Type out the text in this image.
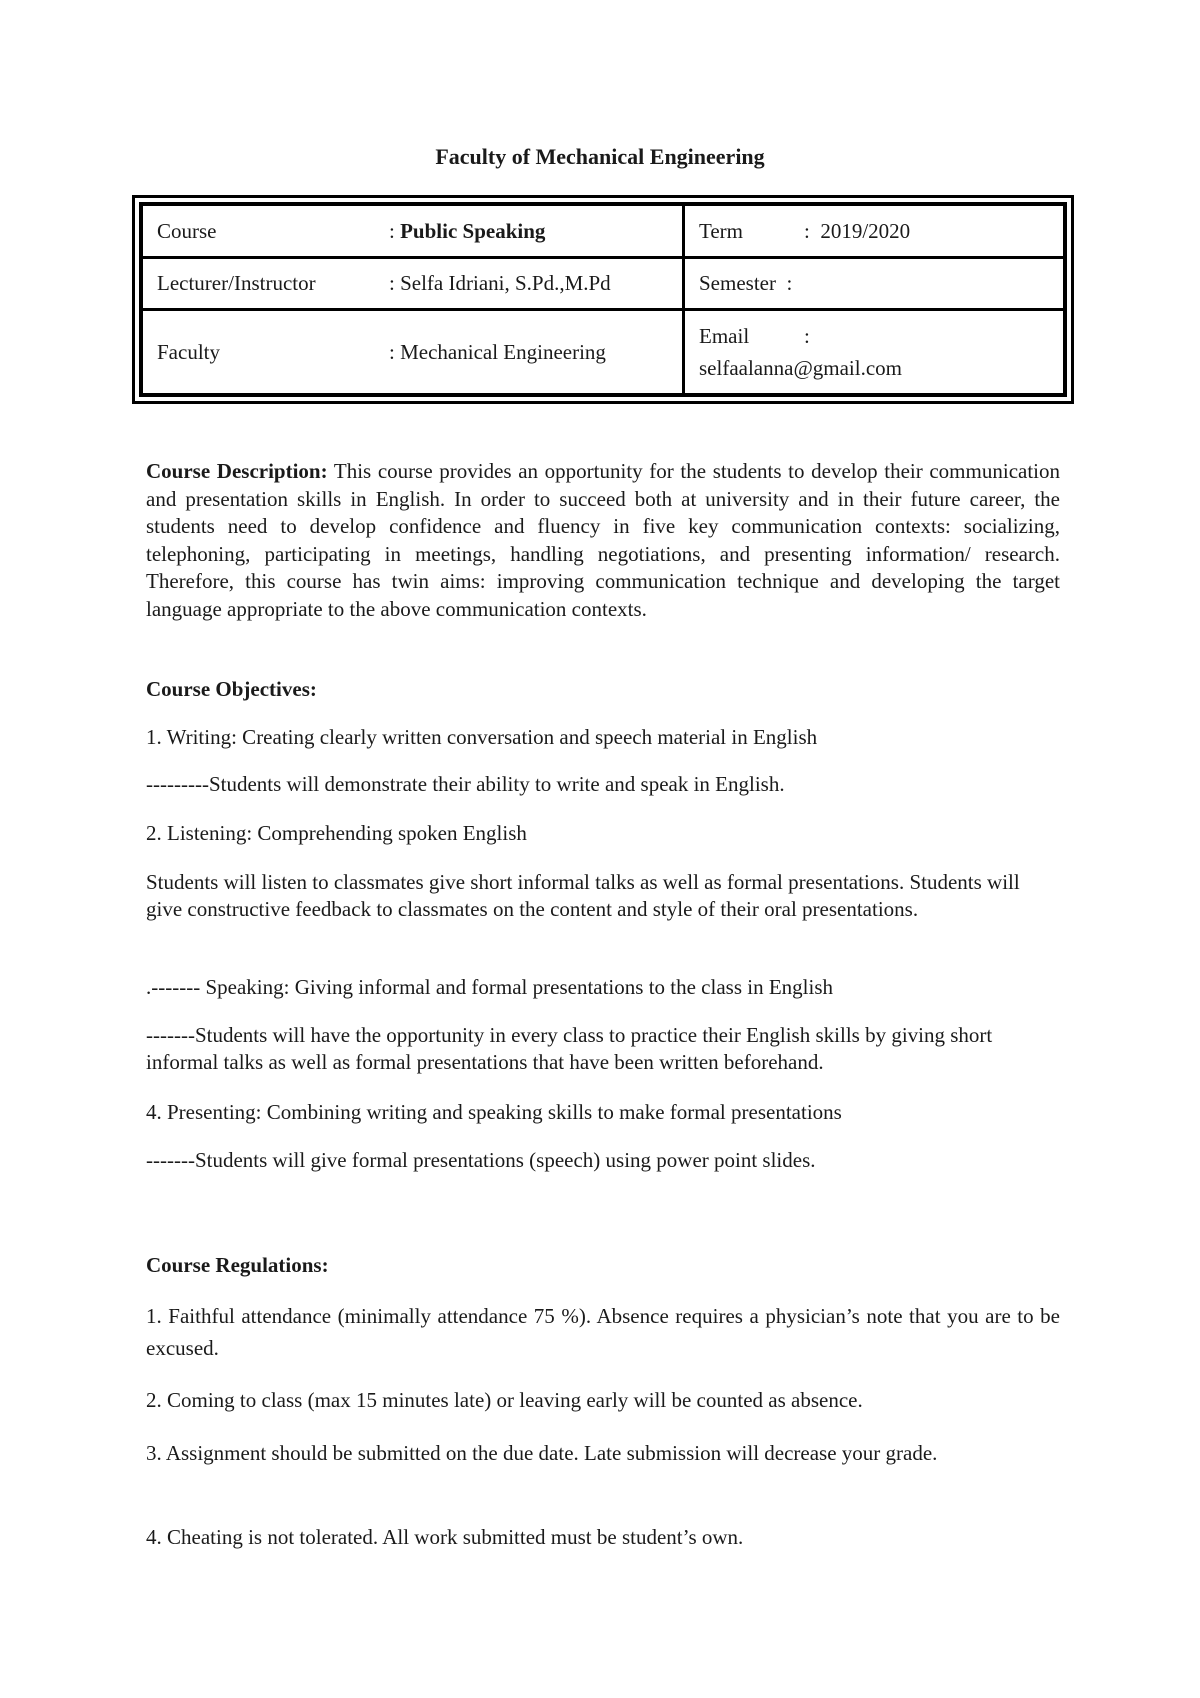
Faculty of Mechanical Engineering
Course	: Public Speaking	Term	: 2019/2020
Lecturer/Instructor	: Selfa Idriani, S.Pd.,M.Pd	Semester :
Faculty	: Mechanical Engineering
Email	:
selfaalanna@gmail.com
Course Description: This course provides an opportunity for the students to develop their communication and presentation skills in English. In order to succeed both at university and in their future career, the students need to develop confidence and fluency in five key communication contexts: socializing, telephoning, participating in meetings, handling negotiations, and presenting information/ research. Therefore, this course has twin aims: improving communication technique and developing the target language appropriate to the above communication contexts.
Course Objectives:
1. Writing: Creating clearly written conversation and speech material in English
---------Students will demonstrate their ability to write and speak in English.
2. Listening: Comprehending spoken English
Students will listen to classmates give short informal talks as well as formal presentations. Students will give constructive feedback to classmates on the content and style of their oral presentations.
.------- Speaking: Giving informal and formal presentations to the class in English
-------Students will have the opportunity in every class to practice their English skills by giving short informal talks as well as formal presentations that have been written beforehand.
4. Presenting: Combining writing and speaking skills to make formal presentations
-------Students will give formal presentations (speech) using power point slides.
Course Regulations:
1. Faithful attendance (minimally attendance 75 %). Absence requires a physician’s note that you are to be excused.
2. Coming to class (max 15 minutes late) or leaving early will be counted as absence.
3. Assignment should be submitted on the due date. Late submission will decrease your grade.
4. Cheating is not tolerated. All work submitted must be student’s own.
